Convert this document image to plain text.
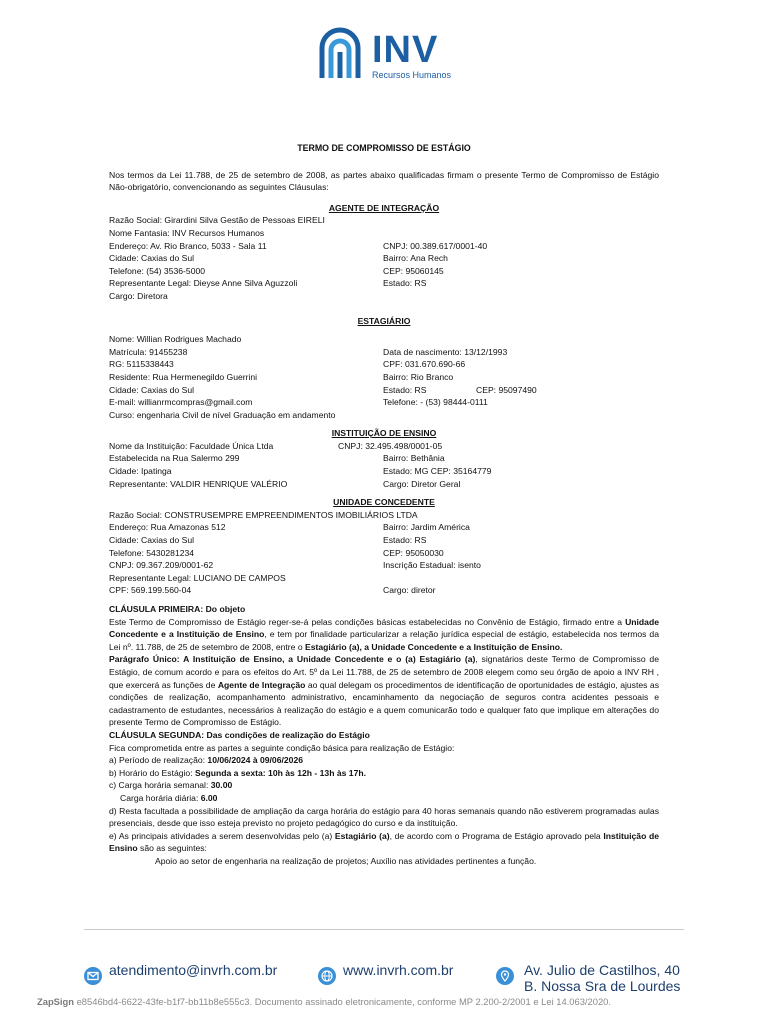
INV
Recursos Humanos

TERMO DE COMPROMISSO DE ESTÁGIO

Nos termos da Lei 11.788, de 25 de setembro de 2008, as partes abaixo qualificadas firmam o presente Termo de Compromisso de Estágio Não-obrigatório, convencionando as seguintes Cláusulas:

AGENTE DE INTEGRAÇÃO

Razão Social: Girardini Silva Gestão de Pessoas EIRELI
Nome Fantasia: INV Recursos Humanos
Endereço: Av. Rio Branco, 5033 - Sala 11	CNPJ: 00.389.617/0001-40
Cidade: Caxias do Sul	Bairro: Ana Rech
Telefone: (54) 3536-5000	CEP: 95060145
Representante Legal: Dieyse Anne Silva Aguzzoli	Estado: RS
Cargo: Diretora

ESTAGIÁRIO

Nome: Willian Rodrigues Machado
Matrícula: 91455238	Data de nascimento: 13/12/1993
RG: 5115338443	CPF: 031.670.690-66
Residente: Rua Hermenegildo Guerrini	Bairro: Rio Branco
Cidade: Caxias do Sul	Estado: RS	CEP: 95097490
E-mail: willianrmcompras@gmail.com	Telefone: - (53) 98444-0111
Curso: engenharia Civil de nível Graduação em andamento

INSTITUIÇÃO DE ENSINO

Nome da Instituição: Faculdade Única Ltda	CNPJ: 32.495.498/0001-05
Estabelecida na Rua Salermo 299	Bairro: Bethânia
Cidade: Ipatinga	Estado: MG CEP: 35164779
Representante: VALDIR HENRIQUE VALÉRIO	Cargo: Diretor Geral

UNIDADE CONCEDENTE

Razão Social: CONSTRUSEMPRE EMPREENDIMENTOS IMOBILIÁRIOS LTDA
Endereço: Rua Amazonas 512	Bairro: Jardim América
Cidade: Caxias do Sul	Estado: RS
Telefone: 5430281234	CEP: 95050030
CNPJ: 09.367.209/0001-62	Inscrição Estadual: isento
Representante Legal: LUCIANO DE CAMPOS
CPF: 569.199.560-04	Cargo: diretor

CLÁUSULA PRIMEIRA: Do objeto

Este Termo de Compromisso de Estágio reger-se-á pelas condições básicas estabelecidas no Convênio de Estágio, firmado entre a Unidade Concedente e a Instituição de Ensino, e tem por finalidade particularizar a relação jurídica especial de estágio, estabelecida nos termos da Lei nº. 11.788, de 25 de setembro de 2008, entre o Estagiário (a), a Unidade Concedente e a Instituição de Ensino.

Parágrafo Único: A Instituição de Ensino, a Unidade Concedente e o (a) Estagiário (a), signatários deste Termo de Compromisso de Estágio, de comum acordo e para os efeitos do Art. 5º da Lei 11.788, de 25 de setembro de 2008 elegem como seu órgão de apoio a INV RH , que exercerá as funções de Agente de Integração ao qual delegam os procedimentos de identificação de oportunidades de estágio, ajustes as condições de realização, acompanhamento administrativo, encaminhamento da negociação de seguros contra acidentes pessoais e cadastramento de estudantes, necessários à realização do estágio e a quem comunicarão todo e qualquer fato que implique em alterações do presente Termo de Compromisso de Estágio.

CLÁUSULA SEGUNDA: Das condições de realização do Estágio

Fica comprometida entre as partes a seguinte condição básica para realização de Estágio:

a) Período de realização: 10/06/2024 à 09/06/2026

b) Horário do Estágio: Segunda a sexta: 10h às 12h - 13h às 17h.

c) Carga horária semanal: 30.00

Carga horária diária: 6.00

d) Resta facultada a possibilidade de ampliação da carga horária do estágio para 40 horas semanais quando não estiverem programadas aulas presenciais, desde que isso esteja previsto no projeto pedagógico do curso e da instituição.

e) As principais atividades a serem desenvolvidas pelo (a) Estagiário (a), de acordo com o Programa de Estágio aprovado pela Instituição de Ensino são as seguintes:

Apoio ao setor de engenharia na realização de projetos; Auxílio nas atividades pertinentes a função.

atendimento@invrh.com.br	www.invrh.com.br	Av. Julio de Castilhos, 40
B. Nossa Sra de Lourdes
ZapSign e8546bd4-6622-43fe-b1f7-bb11b8e555c3. Documento assinado eletronicamente, conforme MP 2.200-2/2001 e Lei 14.063/2020.
